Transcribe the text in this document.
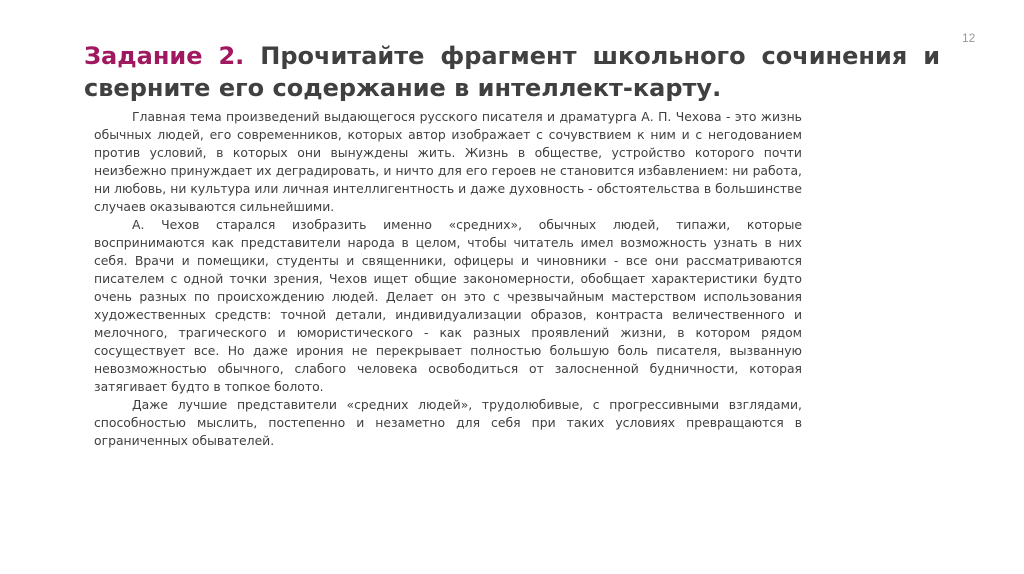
12
Задание 2. Прочитайте фрагмент школьного сочинения и сверните его содержание в интеллект-карту.

Главная тема произведений выдающегося русского писателя и драматурга А. П. Чехова - это жизнь обычных людей, его современников, которых автор изображает с сочувствием к ним и с негодованием против условий, в которых они вынуждены жить. Жизнь в обществе, устройство которого почти неизбежно принуждает их деградировать, и ничто для его героев не становится избавлением: ни работа, ни любовь, ни культура или личная интеллигентность и даже духовность - обстоятельства в большинстве случаев оказываются сильнейшими.

А. Чехов старался изобразить именно «средних», обычных людей, типажи, которые воспринимаются как представители народа в целом, чтобы читатель имел возможность узнать в них себя. Врачи и помещики, студенты и священники, офицеры и чиновники - все они рассматриваются писателем с одной точки зрения, Чехов ищет общие закономерности, обобщает характеристики будто очень разных по происхождению людей. Делает он это с чрезвычайным мастерством использования художественных средств: точной детали, индивидуализации образов, контраста величественного и мелочного, трагического и юмористического - как разных проявлений жизни, в котором рядом сосуществует все. Но даже ирония не перекрывает полностью большую боль писателя, вызванную невозможностью обычного, слабого человека освободиться от залосненной будничности, которая затягивает будто в топкое болото.

Даже лучшие представители «средних людей», трудолюбивые, с прогрессивными взглядами, способностью мыслить, постепенно и незаметно для себя при таких условиях превращаются в ограниченных обывателей.
